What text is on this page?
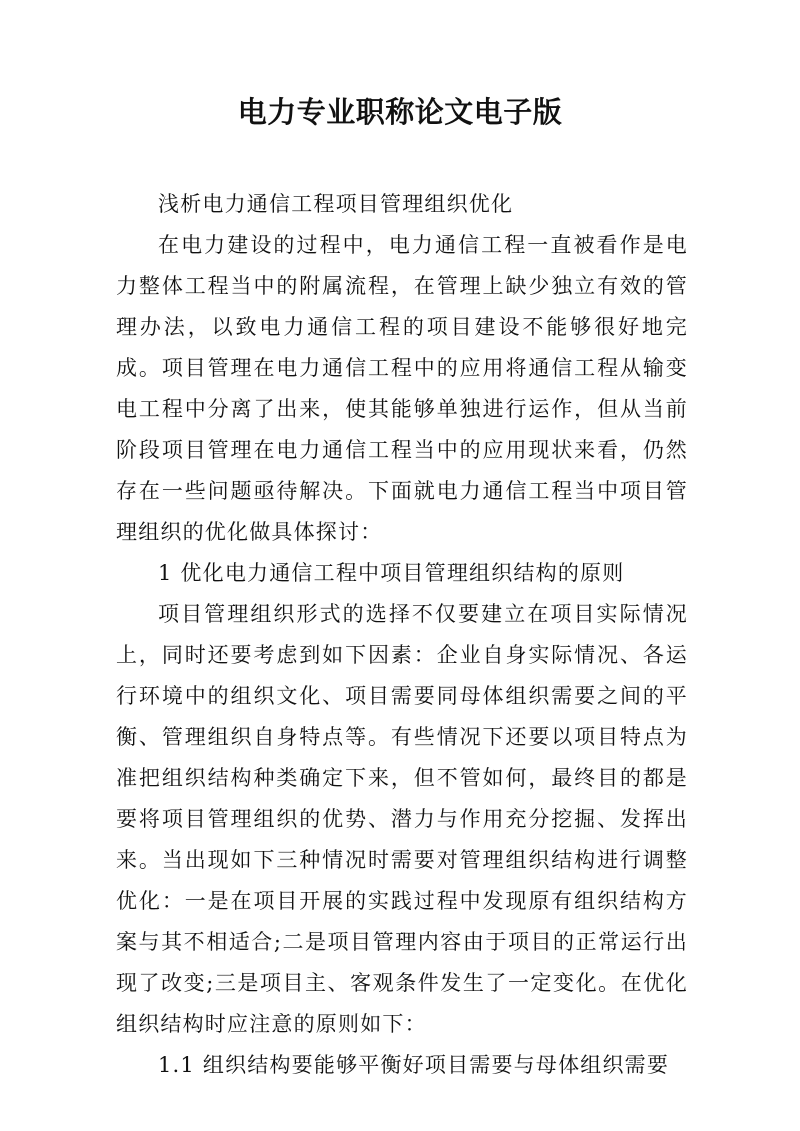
电力专业职称论文电子版

浅析电力通信工程项目管理组织优化

在电力建设的过程中，电力通信工程一直被看作是电力整体工程当中的附属流程，在管理上缺少独立有效的管理办法，以致电力通信工程的项目建设不能够很好地完成。项目管理在电力通信工程中的应用将通信工程从输变电工程中分离了出来，使其能够单独进行运作，但从当前阶段项目管理在电力通信工程当中的应用现状来看，仍然存在一些问题亟待解决。下面就电力通信工程当中项目管理组织的优化做具体探讨：

1 优化电力通信工程中项目管理组织结构的原则

项目管理组织形式的选择不仅要建立在项目实际情况上，同时还要考虑到如下因素：企业自身实际情况、各运行环境中的组织文化、项目需要同母体组织需要之间的平衡、管理组织自身特点等。有些情况下还要以项目特点为准把组织结构种类确定下来，但不管如何，最终目的都是要将项目管理组织的优势、潜力与作用充分挖掘、发挥出来。当出现如下三种情况时需要对管理组织结构进行调整优化：一是在项目开展的实践过程中发现原有组织结构方案与其不相适合;二是项目管理内容由于项目的正常运行出现了改变;三是项目主、客观条件发生了一定变化。在优化组织结构时应注意的原则如下：

1.1 组织结构要能够平衡好项目需要与母体组织需要
